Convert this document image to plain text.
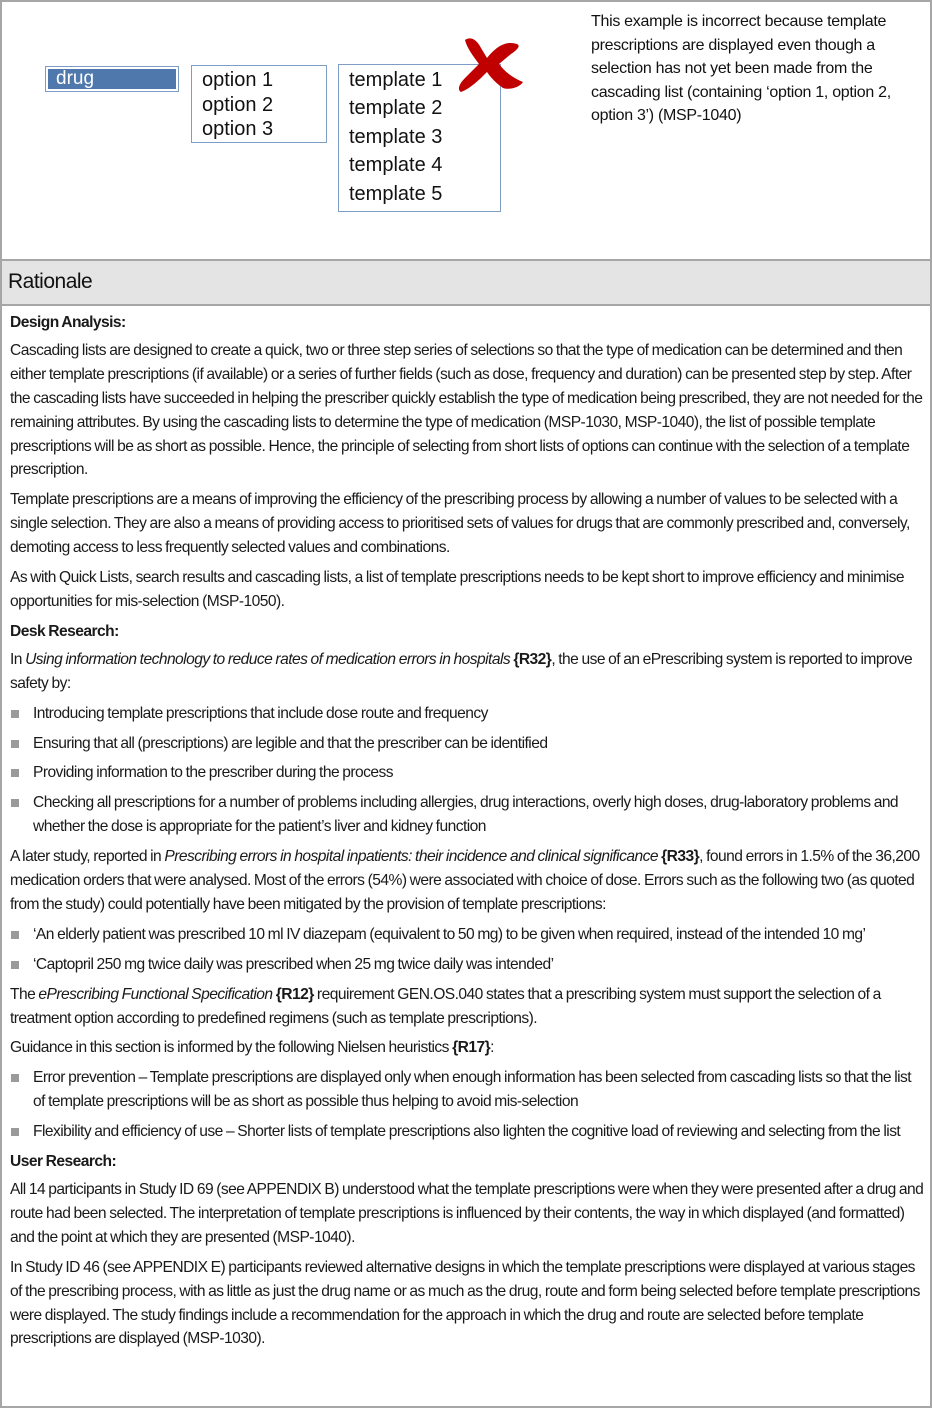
drug	option 1
option 2
option 3
template 1
template 2
template 3
template 4
template 5
This example is incorrect because template prescriptions are displayed even though a selection has not yet been made from the cascading list (containing ‘option 1, option 2, option 3’) (MSP-1040)
Rationale
Design Analysis:

Cascading lists are designed to create a quick, two or three step series of selections so that the type of medication can be determined and then either template prescriptions (if available) or a series of further fields (such as dose, frequency and duration) can be presented step by step. After the cascading lists have succeeded in helping the prescriber quickly establish the type of medication being prescribed, they are not needed for the remaining attributes. By using the cascading lists to determine the type of medication (MSP-1030, MSP-1040), the list of possible template prescriptions will be as short as possible. Hence, the principle of selecting from short lists of options can continue with the selection of a template prescription.

Template prescriptions are a means of improving the efficiency of the prescribing process by allowing a number of values to be selected with a single selection. They are also a means of providing access to prioritised sets of values for drugs that are commonly prescribed and, conversely, demoting access to less frequently selected values and combinations.

As with Quick Lists, search results and cascading lists, a list of template prescriptions needs to be kept short to improve efficiency and minimise opportunities for mis-selection (MSP-1050).

Desk Research:

In Using information technology to reduce rates of medication errors in hospitals {R32}, the use of an ePrescribing system is reported to improve safety by:

Introducing template prescriptions that include dose route and frequency
Ensuring that all (prescriptions) are legible and that the prescriber can be identified
Providing information to the prescriber during the process
Checking all prescriptions for a number of problems including allergies, drug interactions, overly high doses, drug-laboratory problems and whether the dose is appropriate for the patient’s liver and kidney function

A later study, reported in Prescribing errors in hospital inpatients: their incidence and clinical significance {R33}, found errors in 1.5% of the 36,200 medication orders that were analysed. Most of the errors (54%) were associated with choice of dose. Errors such as the following two (as quoted from the study) could potentially have been mitigated by the provision of template prescriptions:

‘An elderly patient was prescribed 10 ml IV diazepam (equivalent to 50 mg) to be given when required, instead of the intended 10 mg’
‘Captopril 250 mg twice daily was prescribed when 25 mg twice daily was intended’

The ePrescribing Functional Specification {R12} requirement GEN.OS.040 states that a prescribing system must support the selection of a treatment option according to predefined regimens (such as template prescriptions).

Guidance in this section is informed by the following Nielsen heuristics {R17}:

Error prevention – Template prescriptions are displayed only when enough information has been selected from cascading lists so that the list of template prescriptions will be as short as possible thus helping to avoid mis-selection
Flexibility and efficiency of use – Shorter lists of template prescriptions also lighten the cognitive load of reviewing and selecting from the list
User Research:

All 14 participants in Study ID 69 (see APPENDIX B) understood what the template prescriptions were when they were presented after a drug and route had been selected. The interpretation of template prescriptions is influenced by their contents, the way in which displayed (and formatted) and the point at which they are presented (MSP-1040).

In Study ID 46 (see APPENDIX E) participants reviewed alternative designs in which the template prescriptions were displayed at various stages of the prescribing process, with as little as just the drug name or as much as the drug, route and form being selected before template prescriptions were displayed. The study findings include a recommendation for the approach in which the drug and route are selected before template prescriptions are displayed (MSP-1030).
